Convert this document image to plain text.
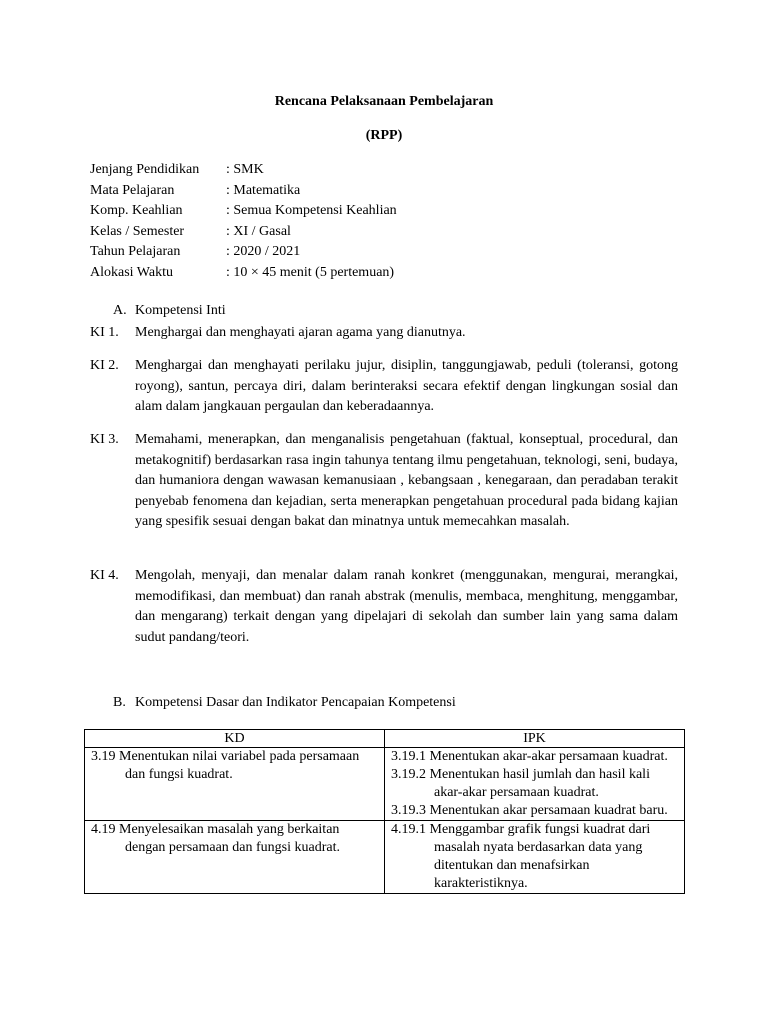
Rencana Pelaksanaan Pembelajaran
(RPP)
Jenjang Pendidikan	: SMK
Mata Pelajaran	: Matematika
Komp. Keahlian	: Semua Kompetensi Keahlian
Kelas / Semester	: XI / Gasal
Tahun Pelajaran	: 2020 / 2021
Alokasi Waktu	: 10 × 45 menit (5 pertemuan)
A. Kompetensi Inti
KI 1. Menghargai dan menghayati ajaran agama yang dianutnya.
KI 2. Menghargai dan menghayati perilaku jujur, disiplin, tanggungjawab, peduli (toleransi, gotong royong), santun, percaya diri, dalam berinteraksi secara efektif dengan lingkungan sosial dan alam dalam jangkauan pergaulan dan keberadaannya.
KI 3. Memahami, menerapkan, dan menganalisis pengetahuan (faktual, konseptual, procedural, dan metakognitif) berdasarkan rasa ingin tahunya tentang ilmu pengetahuan, teknologi, seni, budaya, dan humaniora dengan wawasan kemanusiaan , kebangsaan , kenegaraan, dan peradaban terakit penyebab fenomena dan kejadian, serta menerapkan pengetahuan procedural pada bidang kajian yang spesifik sesuai dengan bakat dan minatnya untuk memecahkan masalah.
KI 4. Mengolah, menyaji, dan menalar dalam ranah konkret (menggunakan, mengurai, merangkai, memodifikasi, dan membuat) dan ranah abstrak (menulis, membaca, menghitung, menggambar, dan mengarang) terkait dengan yang dipelajari di sekolah dan sumber lain yang sama dalam sudut pandang/teori.
B. Kompetensi Dasar dan Indikator Pencapaian Kompetensi
KD	IPK

3.19 Menentukan nilai variabel pada persamaan dan fungsi kuadrat.	3.19.1 Menentukan akar-akar persamaan kuadrat.
3.19.2 Menentukan hasil jumlah dan hasil kali akar-akar persamaan kuadrat.
3.19.3 Menentukan akar persamaan kuadrat baru.

4.19 Menyelesaikan masalah yang berkaitan dengan persamaan dan fungsi kuadrat.	4.19.1 Menggambar grafik fungsi kuadrat dari masalah nyata berdasarkan data yang ditentukan dan menafsirkan karakteristiknya.
